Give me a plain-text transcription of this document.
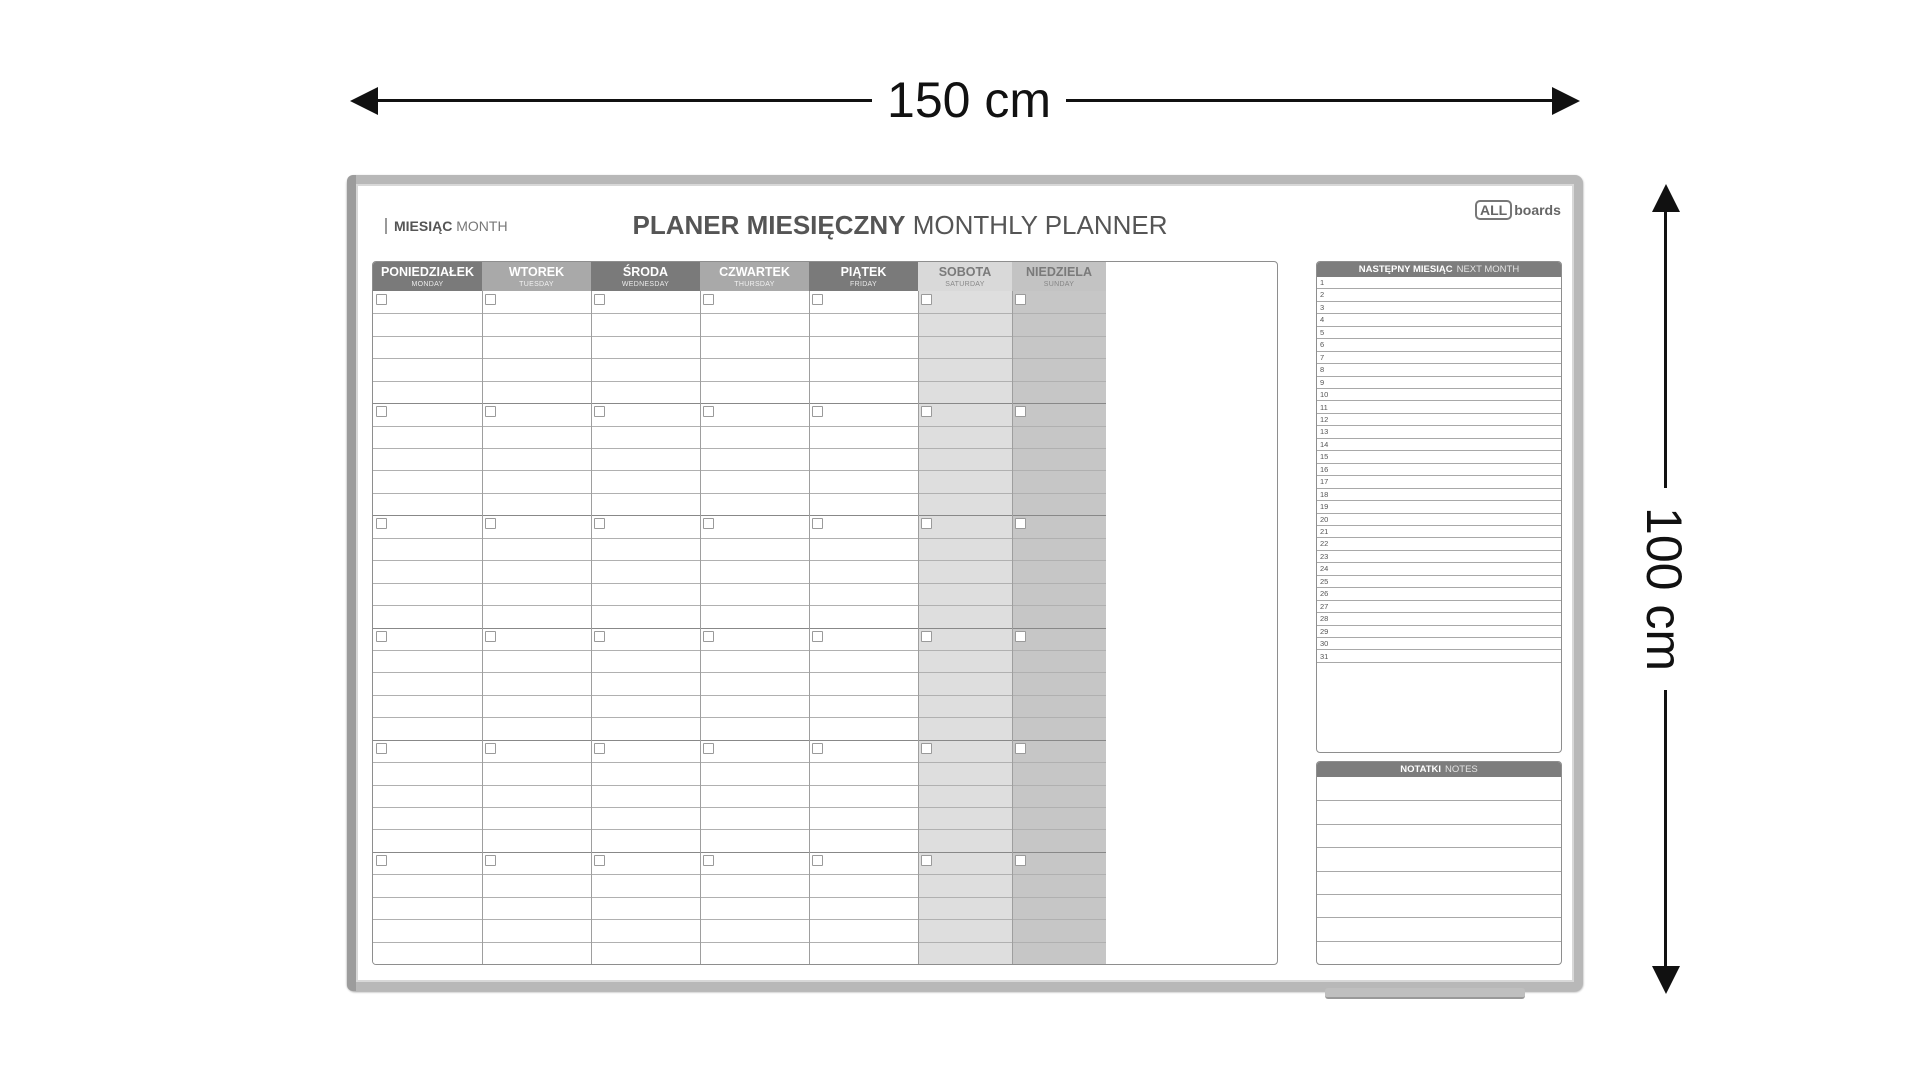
150 cm
100 cm
MIESIĄC MONTH	PLANER MIESIĘCZNY MONTHLY PLANNER	ALL boards
PONIEDZIAŁEK
MONDAY
WTOREK
TUESDAY
ŚRODA
WEDNESDAY
CZWARTEK
THURSDAY
PIĄTEK
FRIDAY
SOBOTA
SATURDAY
NIEDZIELA
SUNDAY
NASTĘPNY MIESIĄC NEXT MONTH
1
2
3
4
5
6
7
8
9
10
11
12
13
14
15
16
17
18
19
20
21
22
23
24
25
26
27
28
29
30
31
NOTATKI NOTES
